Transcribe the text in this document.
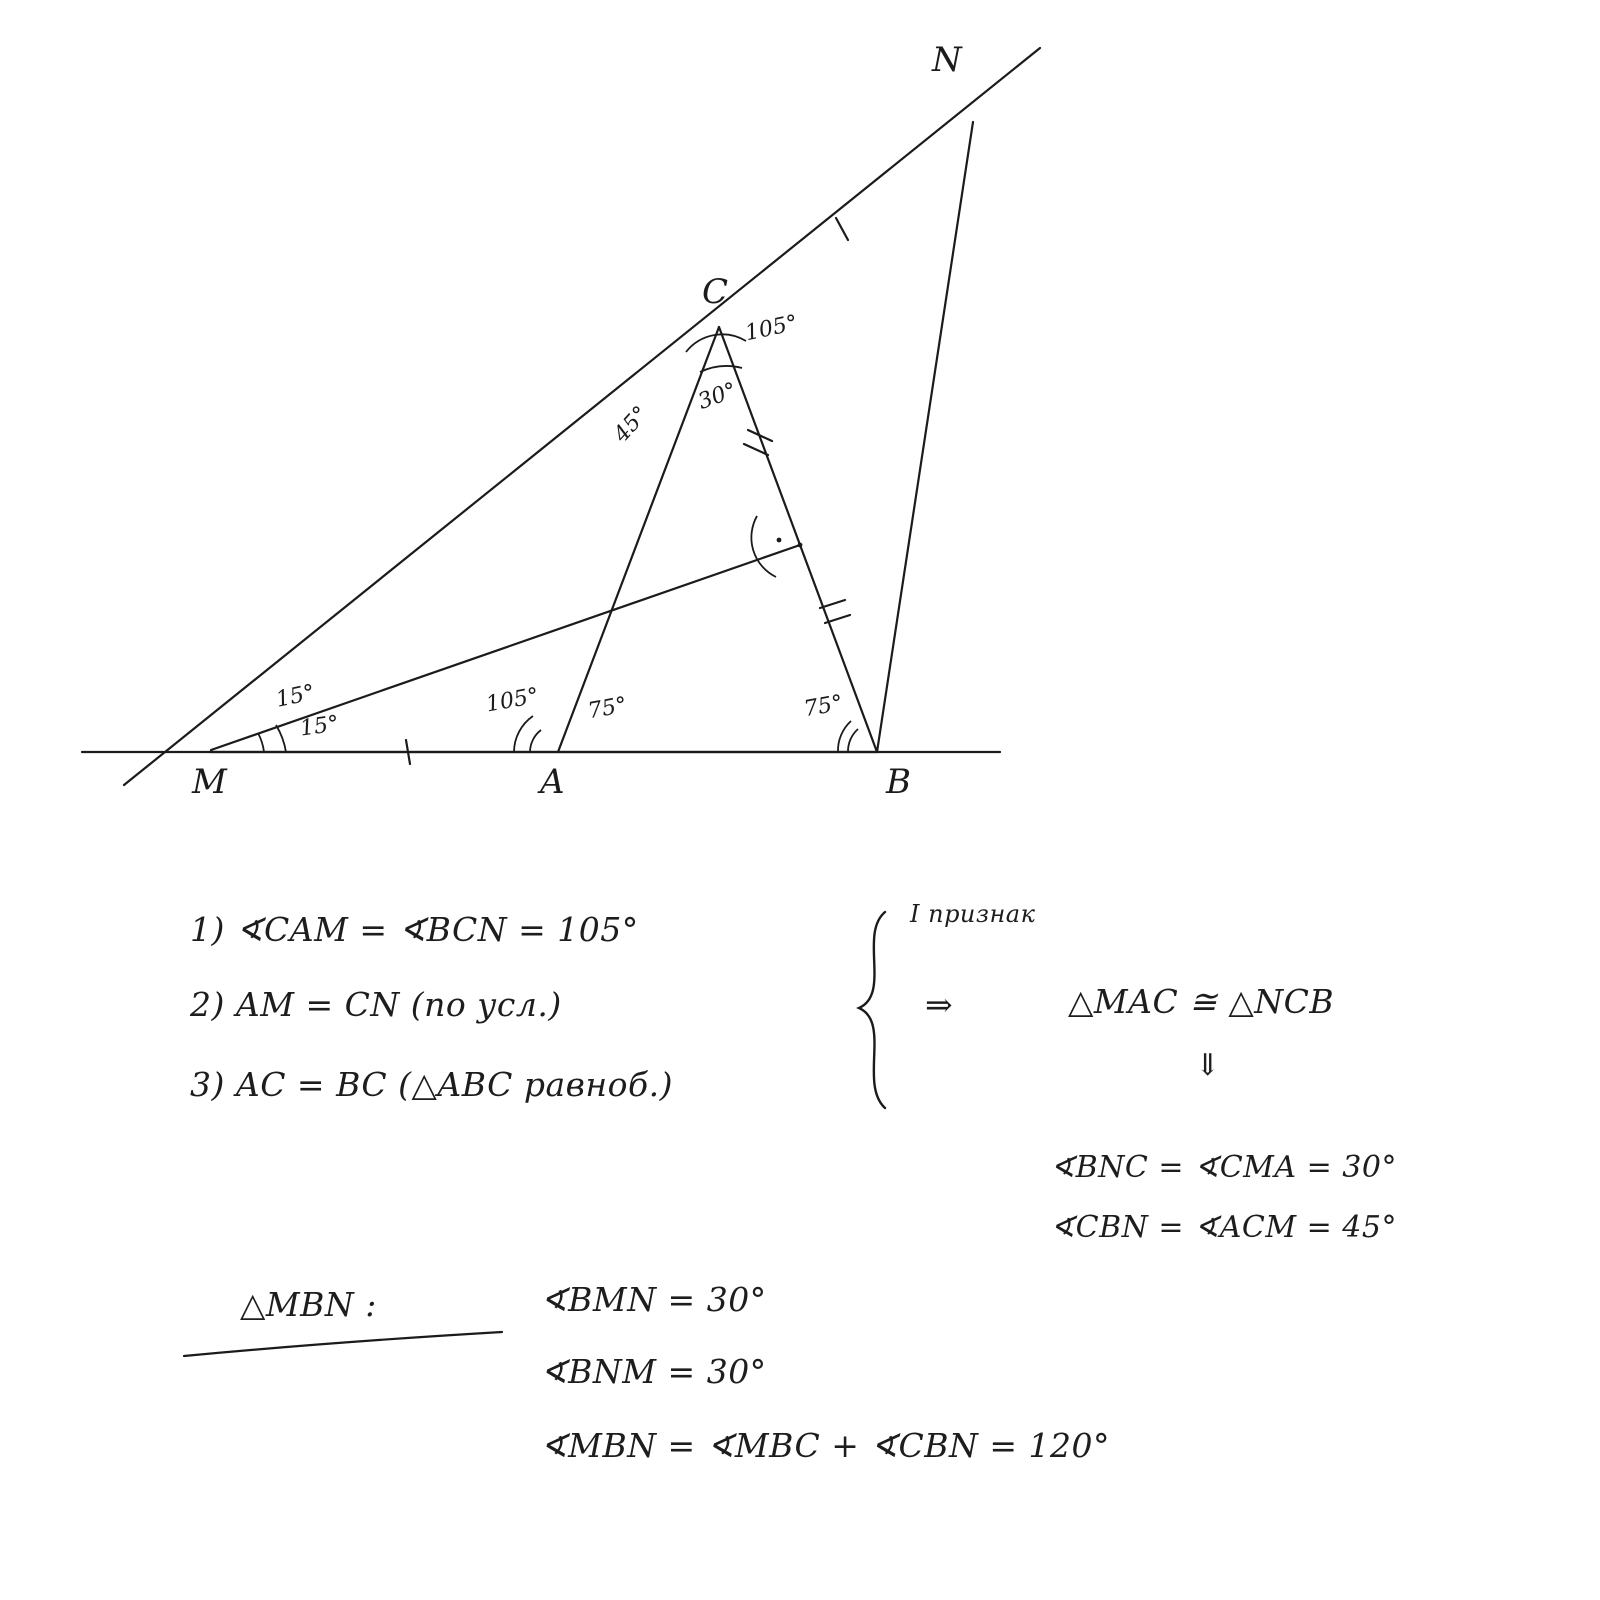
M	A	B
C
N
105°
30°
45°
15°
15°
105° 75°	75°
1) ∢CAM = ∢BCN = 105°
2) AM = CN (по усл.)
3) AC = BC (△ABC равноб.)
I признак
⇒	△MAC ≅ △NCB
⇓
∢BNC = ∢CMA = 30°
∢CBN = ∢ACM = 45°
△MBN :	∢BMN = 30°
∢BNM = 30°
∢MBN = ∢MBC + ∢CBN = 120°
